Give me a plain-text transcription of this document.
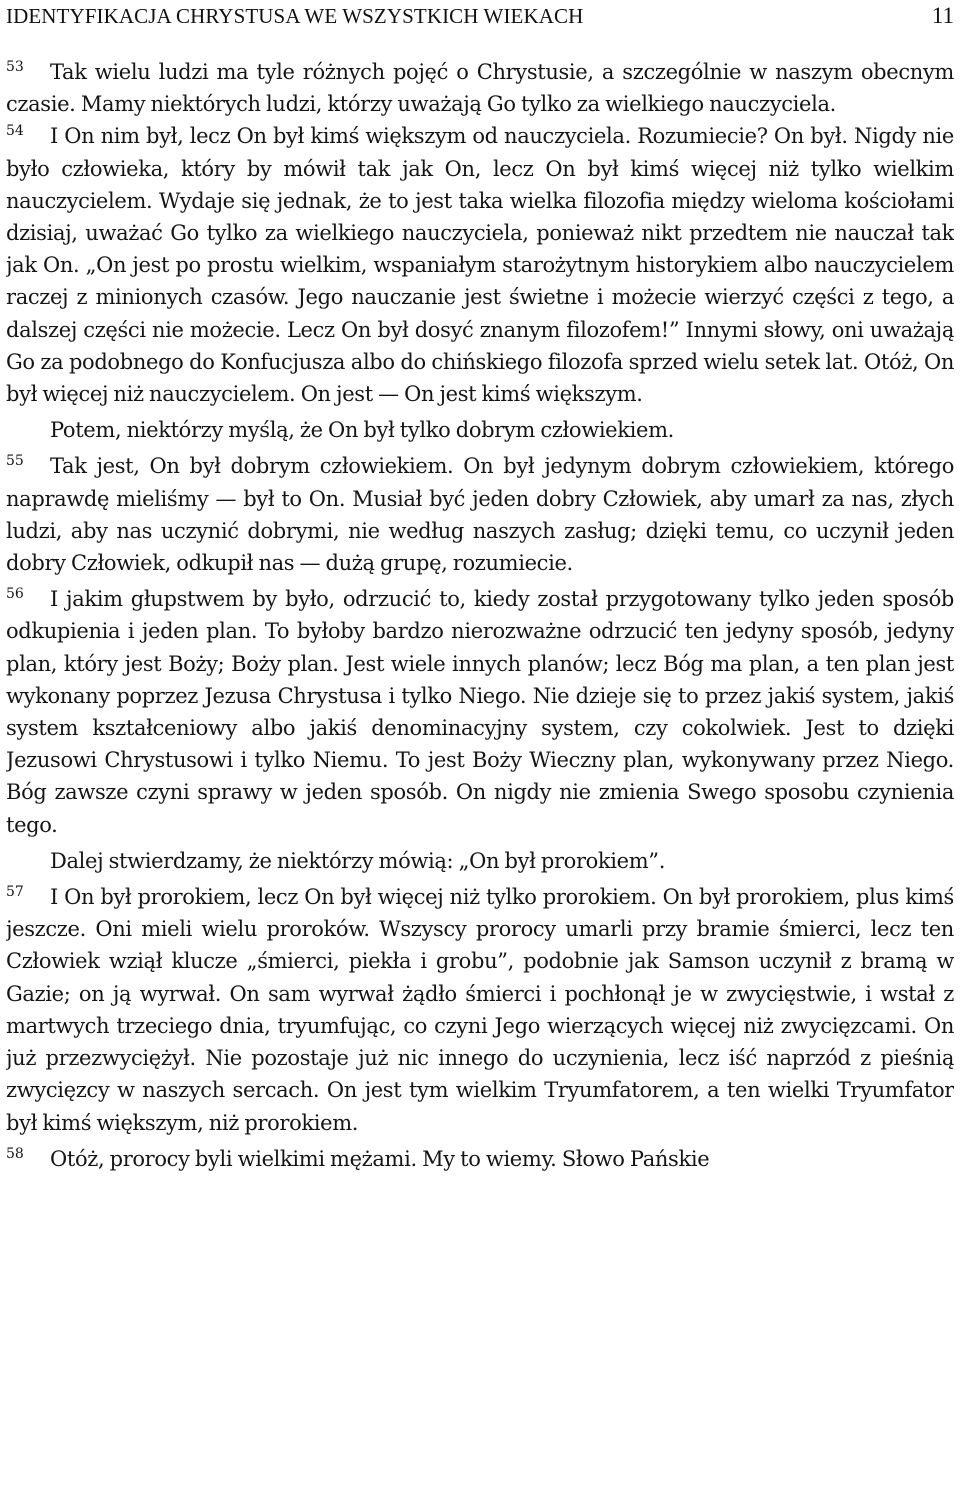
IDENTYFIKACJA CHRYSTUSA WE WSZYSTKICH WIEKACH	11

53 Tak wielu ludzi ma tyle różnych pojęć o Chrystusie, a szczególnie w naszym obecnym czasie. Mamy niektórych ludzi, którzy uważają Go tylko za wielkiego nauczyciela.

54 I On nim był, lecz On był kimś większym od nauczyciela. Rozumiecie? On był. Nigdy nie było człowieka, który by mówił tak jak On, lecz On był kimś więcej niż tylko wielkim nauczycielem. Wydaje się jednak, że to jest taka wielka filozofia między wieloma kościołami dzisiaj, uważać Go tylko za wielkiego nauczyciela, ponieważ nikt przedtem nie nauczał tak jak On. „On jest po prostu wielkim, wspaniałym starożytnym historykiem albo nauczycielem raczej z minionych czasów. Jego nauczanie jest świetne i możecie wierzyć części z tego, a dalszej części nie możecie. Lecz On był dosyć znanym filozofem!” Innymi słowy, oni uważają Go za podobnego do Konfucjusza albo do chińskiego filozofa sprzed wielu setek lat. Otóż, On był więcej niż nauczycielem. On jest — On jest kimś większym.

Potem, niektórzy myślą, że On był tylko dobrym człowiekiem.

55 Tak jest, On był dobrym człowiekiem. On był jedynym dobrym człowiekiem, którego naprawdę mieliśmy — był to On. Musiał być jeden dobry Człowiek, aby umarł za nas, złych ludzi, aby nas uczynić dobrymi, nie według naszych zasług; dzięki temu, co uczynił jeden dobry Człowiek, odkupił nas — dużą grupę, rozumiecie.

56 I jakim głupstwem by było, odrzucić to, kiedy został przygotowany tylko jeden sposób odkupienia i jeden plan. To byłoby bardzo nierozważne odrzucić ten jedyny sposób, jedyny plan, który jest Boży; Boży plan. Jest wiele innych planów; lecz Bóg ma plan, a ten plan jest wykonany poprzez Jezusa Chrystusa i tylko Niego. Nie dzieje się to przez jakiś system, jakiś system kształceniowy albo jakiś denominacyjny system, czy cokolwiek. Jest to dzięki Jezusowi Chrystusowi i tylko Niemu. To jest Boży Wieczny plan, wykonywany przez Niego. Bóg zawsze czyni sprawy w jeden sposób. On nigdy nie zmienia Swego sposobu czynienia tego.

Dalej stwierdzamy, że niektórzy mówią: „On był prorokiem”.

57 I On był prorokiem, lecz On był więcej niż tylko prorokiem. On był prorokiem, plus kimś jeszcze. Oni mieli wielu proroków. Wszyscy prorocy umarli przy bramie śmierci, lecz ten Człowiek wziął klucze „śmierci, piekła i grobu”, podobnie jak Samson uczynił z bramą w Gazie; on ją wyrwał. On sam wyrwał żądło śmierci i pochłonął je w zwycięstwie, i wstał z martwych trzeciego dnia, tryumfując, co czyni Jego wierzących więcej niż zwycięzcami. On już przezwyciężył. Nie pozostaje już nic innego do uczynienia, lecz iść naprzód z pieśnią zwycięzcy w naszych sercach. On jest tym wielkim Tryumfatorem, a ten wielki Tryumfator był kimś większym, niż prorokiem.

58 Otóż, prorocy byli wielkimi mężami. My to wiemy. Słowo Pańskie
